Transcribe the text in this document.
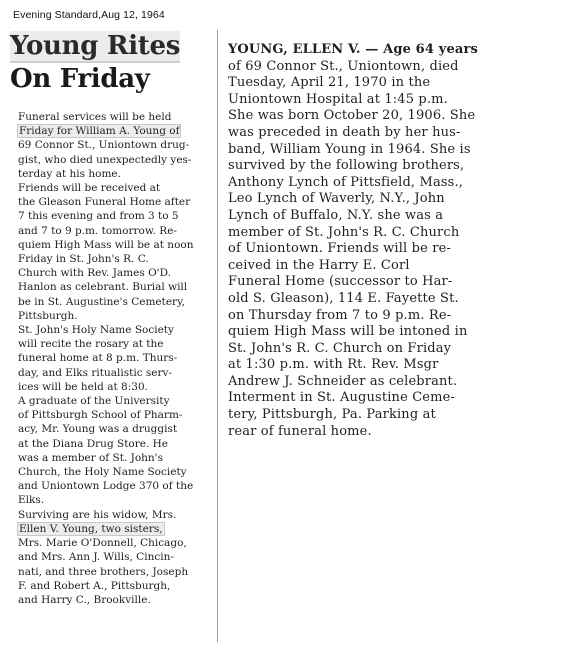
Evening Standard,Aug 12, 1964
Young Rites
On Friday

Funeral services will be held
Friday for William A. Young of
69 Connor St., Uniontown drug-
gist, who died unexpectedly yes-
terday at his home.

Friends will be received at
the Gleason Funeral Home after
7 this evening and from 3 to 5
and 7 to 9 p.m. tomorrow. Re-
quiem High Mass will be at noon
Friday in St. John's R. C.
Church with Rev. James O'D.
Hanlon as celebrant. Burial will
be in St. Augustine's Cemetery,
Pittsburgh.

St. John's Holy Name Society
will recite the rosary at the
funeral home at 8 p.m. Thurs-
day, and Elks ritualistic serv-
ices will be held at 8:30.

A graduate of the University
of Pittsburgh School of Pharm-
acy, Mr. Young was a druggist
at the Diana Drug Store. He
was a member of St. John's
Church, the Holy Name Society
and Uniontown Lodge 370 of the
Elks.

Surviving are his widow, Mrs.
Ellen V. Young, two sisters,
Mrs. Marie O'Donnell, Chicago,
and Mrs. Ann J. Wills, Cincin-
nati, and three brothers, Joseph
F. and Robert A., Pittsburgh,
and Harry C., Brookville.

YOUNG, ELLEN V. — Age 64 years
of 69 Connor St., Uniontown, died
Tuesday, April 21, 1970 in the
Uniontown Hospital at 1:45 p.m.
She was born October 20, 1906. She
was preceded in death by her hus-
band, William Young in 1964. She is
survived by the following brothers,
Anthony Lynch of Pittsfield, Mass.,
Leo Lynch of Waverly, N.Y., John
Lynch of Buffalo, N.Y. she was a
member of St. John's R. C. Church
of Uniontown. Friends will be re-
ceived in the Harry E. Corl
Funeral Home (successor to Har-
old S. Gleason), 114 E. Fayette St.
on Thursday from 7 to 9 p.m. Re-
quiem High Mass will be intoned in
St. John's R. C. Church on Friday
at 1:30 p.m. with Rt. Rev. Msgr
Andrew J. Schneider as celebrant.
Interment in St. Augustine Ceme-
tery, Pittsburgh, Pa. Parking at
rear of funeral home.
